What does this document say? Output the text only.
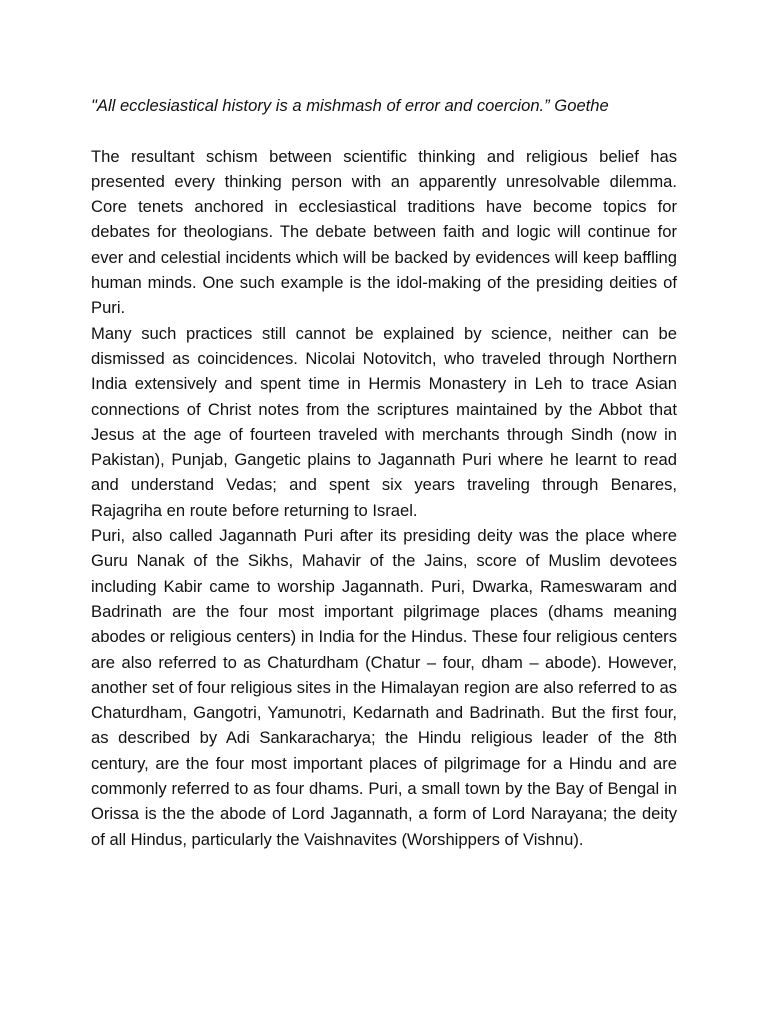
"All ecclesiastical history is a mishmash of error and coercion.” Goethe

The resultant schism between scientific thinking and religious belief has presented every thinking person with an apparently unresolvable dilemma. Core tenets anchored in ecclesiastical traditions have become topics for debates for theologians. The debate between faith and logic will continue for ever and celestial incidents which will be backed by evidences will keep baffling human minds. One such example is the idol-making of the presiding deities of Puri.

Many such practices still cannot be explained by science, neither can be dismissed as coincidences. Nicolai Notovitch, who traveled through Northern India extensively and spent time in Hermis Monastery in Leh to trace Asian connections of Christ notes from the scriptures maintained by the Abbot that Jesus at the age of fourteen traveled with merchants through Sindh (now in Pakistan), Punjab, Gangetic plains to Jagannath Puri where he learnt to read and understand Vedas; and spent six years traveling through Benares, Rajagriha en route before returning to Israel.

Puri, also called Jagannath Puri after its presiding deity was the place where Guru Nanak of the Sikhs, Mahavir of the Jains, score of Muslim devotees including Kabir came to worship Jagannath. Puri, Dwarka, Rameswaram and Badrinath are the four most important pilgrimage places (dhams meaning abodes or religious centers) in India for the Hindus. These four religious centers are also referred to as Chaturdham (Chatur – four, dham – abode). However, another set of four religious sites in the Himalayan region are also referred to as Chaturdham, Gangotri, Yamunotri, Kedarnath and Badrinath. But the first four, as described by Adi Sankaracharya; the Hindu religious leader of the 8th century, are the four most important places of pilgrimage for a Hindu and are commonly referred to as four dhams. Puri, a small town by the Bay of Bengal in Orissa is the the abode of Lord Jagannath, a form of Lord Narayana; the deity of all Hindus, particularly the Vaishnavites (Worshippers of Vishnu).
